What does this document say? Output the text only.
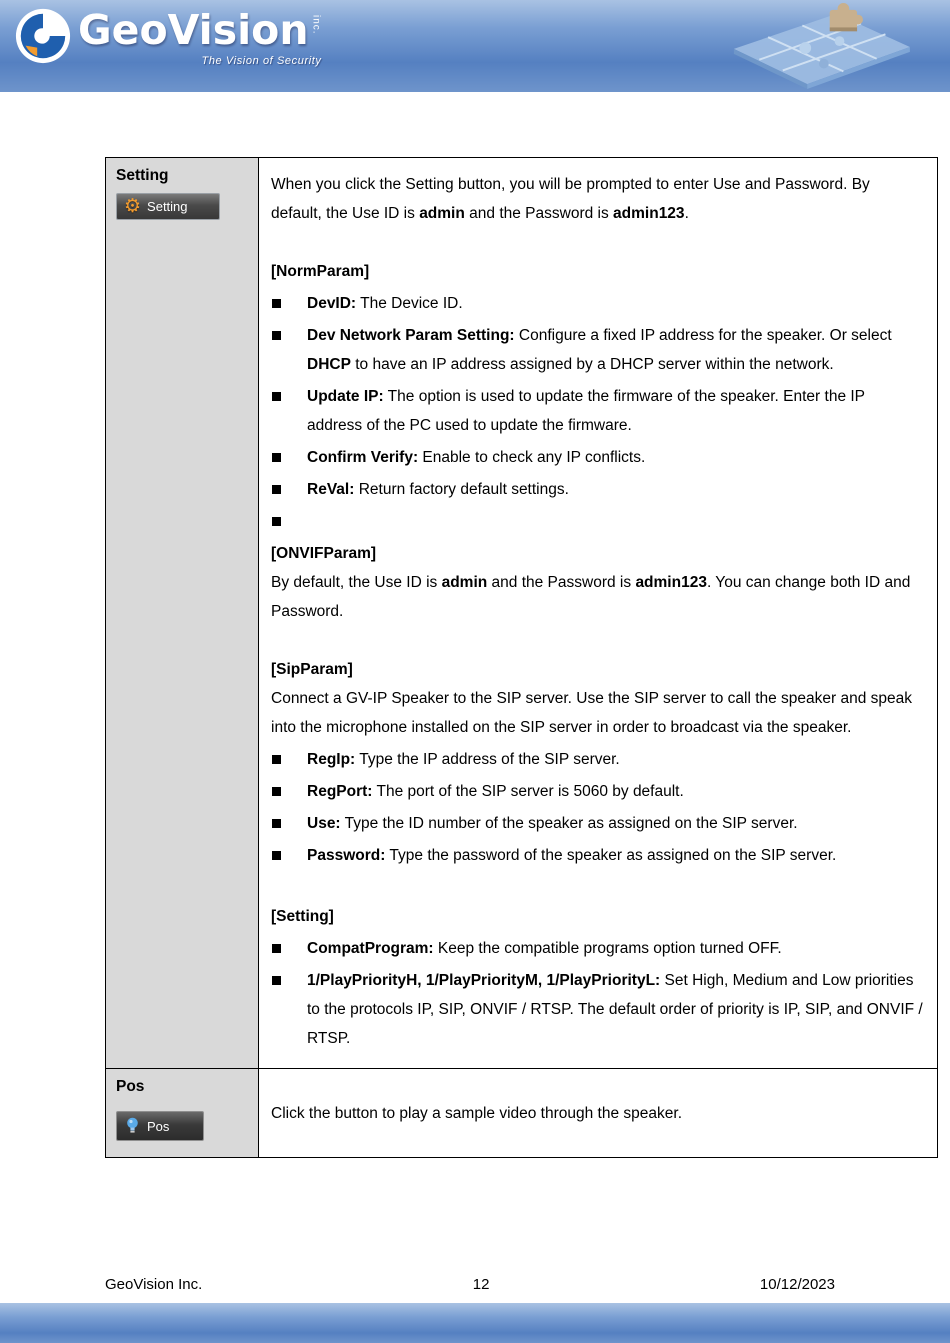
GeoVision inc.
The Vision of Security
Setting
⚙ Setting
When you click the Setting button, you will be prompted to enter Use and Password. By default, the Use ID is admin and the Password is admin123.
[NormParam]
DevID: The Device ID.
Dev Network Param Setting: Configure a fixed IP address for the speaker. Or select DHCP to have an IP address assigned by a DHCP server within the network.
Update IP: The option is used to update the firmware of the speaker. Enter the IP address of the PC used to update the firmware.
Confirm Verify: Enable to check any IP conflicts.
ReVal: Return factory default settings.
[ONVIFParam]
By default, the Use ID is admin and the Password is admin123. You can change both ID and Password.
[SipParam]
Connect a GV-IP Speaker to the SIP server. Use the SIP server to call the speaker and speak into the microphone installed on the SIP server in order to broadcast via the speaker.
RegIp: Type the IP address of the SIP server.
RegPort: The port of the SIP server is 5060 by default.
Use: Type the ID number of the speaker as assigned on the SIP server.
Password: Type the password of the speaker as assigned on the SIP server.
[Setting]
CompatProgram: Keep the compatible programs option turned OFF.
1/PlayPriorityH, 1/PlayPriorityM, 1/PlayPriorityL: Set High, Medium and Low priorities to the protocols IP, SIP, ONVIF / RTSP. The default order of priority is IP, SIP, and ONVIF / RTSP.
Pos
Pos
Click the button to play a sample video through the speaker.
GeoVision Inc.	12	10/12/2023
